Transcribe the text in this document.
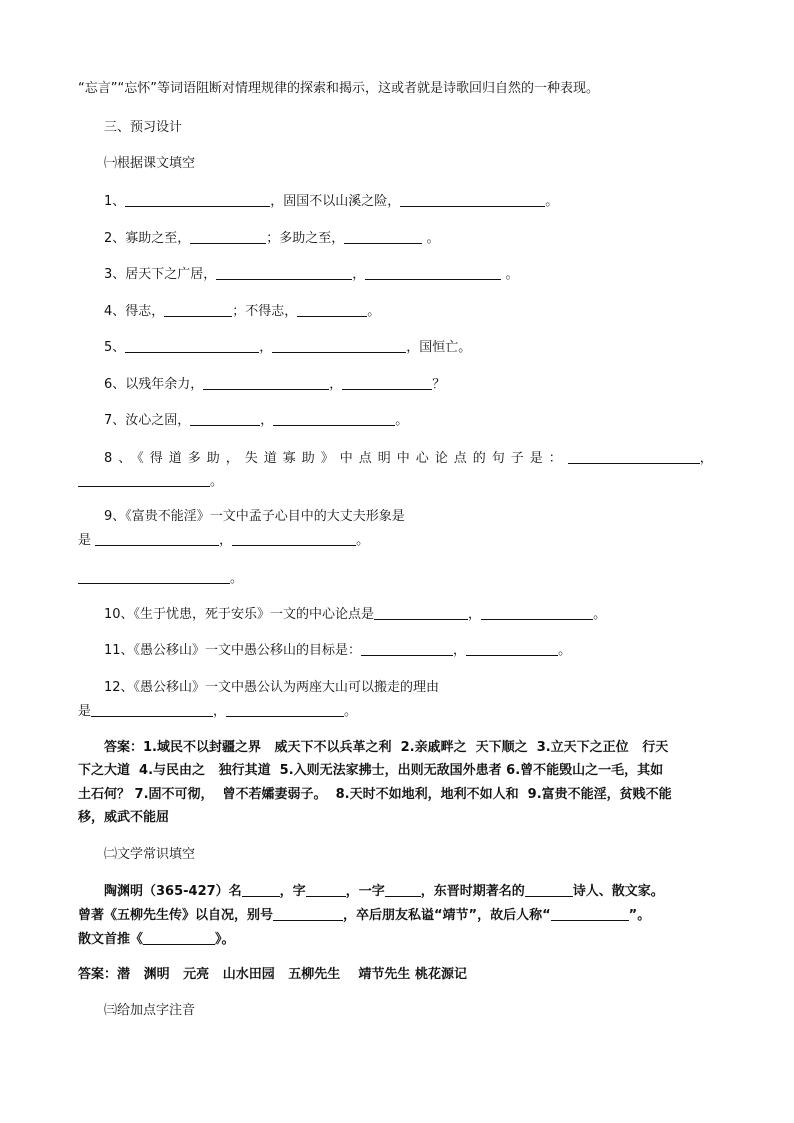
“忘言”“忘怀”等词语阻断对情理规律的探索和揭示，这或者就是诗歌回归自然的一种表现。
三、预习设计
㈠根据课文填空
1、	，固国不以山溪之险，	。
2、寡助之至，	；多助之至，	。
3、居天下之广居，	，	。
4、得志，	；不得志，	。
5、	，	，国恒亡。
6、以残年余力，	，	？
7、汝心之固，	，	。
8、《得道多助，失道寡助》中点明中心论点的句子是：	，
。
9、《富贵不能淫》一文中孟子心目中的大丈夫形象是
是	，	。
。
10、《生于忧患，死于安乐》一文的中心论点是	，	。
11、《愚公移山》一文中愚公移山的目标是：	，	。
12、《愚公移山》一文中愚公认为两座大山可以搬走的理由
是	，	。
答案：1.域民不以封疆之界   威天下不以兵革之利  2.亲戚畔之  天下顺之  3.立天下之正位   行天
下之大道  4.与民由之   独行其道  5.入则无法家拂士，出则无敌国外患者 6.曾不能毁山之一毛，其如
土石何？ 7.固不可彻，  曾不若孀妻弱子。  8.天时不如地利，地利不如人和  9.富贵不能淫，贫贱不能
移，威武不能屈
㈡文学常识填空
陶渊明（365-427）名	，字	，一字	，东晋时期著名的	诗人、散文家。
曾著《五柳先生传》以自况，别号	，卒后朋友私谥“靖节”，故后人称“	”。
散文首推《	》。
答案：潜   渊明   元亮   山水田园   五柳先生    靖节先生 桃花源记
㈢给加点字注音
